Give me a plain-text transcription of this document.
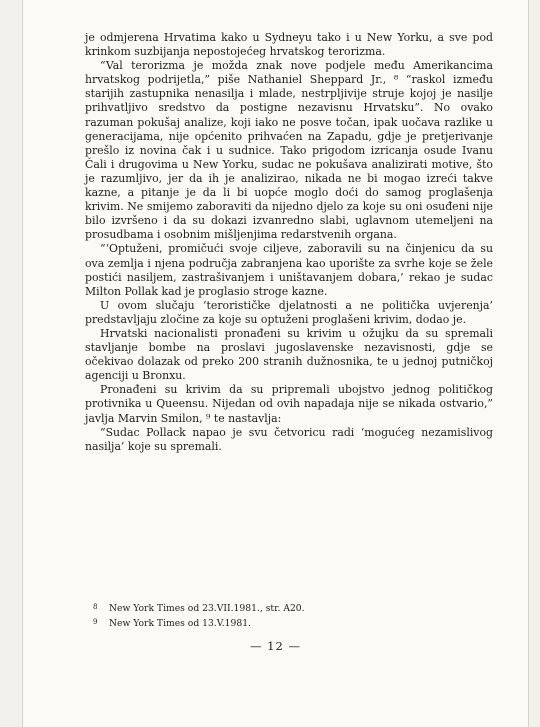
je odmjerena Hrvatima kako u Sydneyu tako i u New Yorku, a sve pod krinkom suzbijanja nepostojećeg hrvatskog terorizma.

“Val terorizma je možda znak nove podjele među Amerikancima hrvatskog podrijetla,” piše Nathaniel Sheppard Jr., ⁸ “raskol između starijih zastupnika nenasilja i mlade, nestrpljivije struje kojoj je nasilje prihvatljivo sredstvo da postigne nezavisnu Hrvatsku”. No ovako razuman pokušaj analize, koji iako ne posve točan, ipak uočava razlike u generacijama, nije općenito prihvaćen na Zapadu, gdje je pretjerivanje prešlo iz novina čak i u sudnice. Tako prigodom izricanja osude Ivanu Čali i drugovima u New Yorku, sudac ne pokušava analizirati motive, što je razumljivo, jer da ih je analizirao, nikada ne bi mogao izreći takve kazne, a pitanje je da li bi uopće moglo doći do samog proglašenja krivim. Ne smijemo zaboraviti da nijedno djelo za koje su oni osuđeni nije bilo izvršeno i da su dokazi izvanredno slabi, uglavnom utemeljeni na prosudbama i osobnim mišljenjima redarstvenih organa.

“‘Optuženi, promičući svoje ciljeve, zaboravili su na činjenicu da su ova zemlja i njena područja zabranjena kao uporište za svrhe koje se žele postići nasiljem, zastrašivanjem i uništavanjem dobara,’ rekao je sudac Milton Pollak kad je proglasio stroge kazne.

U ovom slučaju ‘terorističke djelatnosti a ne politička uvjerenja’ predstavljaju zločine za koje su optuženi proglašeni krivim, dodao je.

Hrvatski nacionalisti pronađeni su krivim u ožujku da su spremali stavljanje bombe na proslavi jugoslavenske nezavisnosti, gdje se očekivao dolazak od preko 200 stranih dužnosnika, te u jednoj putničkoj agenciji u Bronxu.

Pronađeni su krivim da su pripremali ubojstvo jednog političkog protivnika u Queensu. Nijedan od ovih napadaja nije se nikada ostvario,” javlja Marvin Smilon, ⁹ te nastavlja:

“Sudac Pollack napao je svu četvoricu radi ‘mogućeg nezamislivog nasilja’ koje su spremali.

8 New York Times od 23.VII.1981., str. A20.
9 New York Times od 13.V.1981.
— 12 —
